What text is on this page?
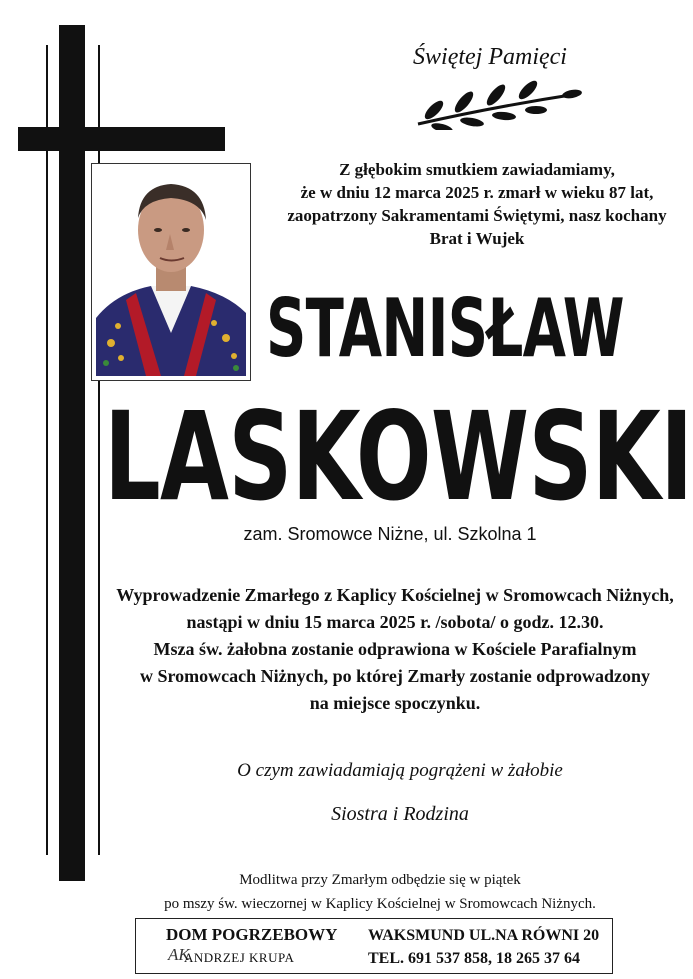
Świętej Pamięci
Z głębokim smutkiem zawiadamiamy,
że w dniu 12 marca 2025 r. zmarł w wieku 87 lat,
zaopatrzony Sakramentami Świętymi, nasz kochany
Brat i Wujek
STANISŁAW
LASKOWSKI
zam. Sromowce Niżne, ul. Szkolna 1
Wyprowadzenie Zmarłego z Kaplicy Kościelnej w Sromowcach Niżnych,
nastąpi w dniu 15 marca 2025 r. /sobota/ o godz. 12.30.
Msza św. żałobna zostanie odprawiona w Kościele Parafialnym
w Sromowcach Niżnych, po której Zmarły zostanie odprowadzony
na miejsce spoczynku.
O czym zawiadamiają pogrążeni w żałobie
Siostra i Rodzina
Modlitwa przy Zmarłym odbędzie się w piątek
po mszy św. wieczornej w Kaplicy Kościelnej w Sromowcach Niżnych.
DOM POGRZEBOWY
AK
ANDRZEJ KRUPA
WAKSMUND UL.NA RÓWNI 20
TEL. 691 537 858, 18 265 37 64
